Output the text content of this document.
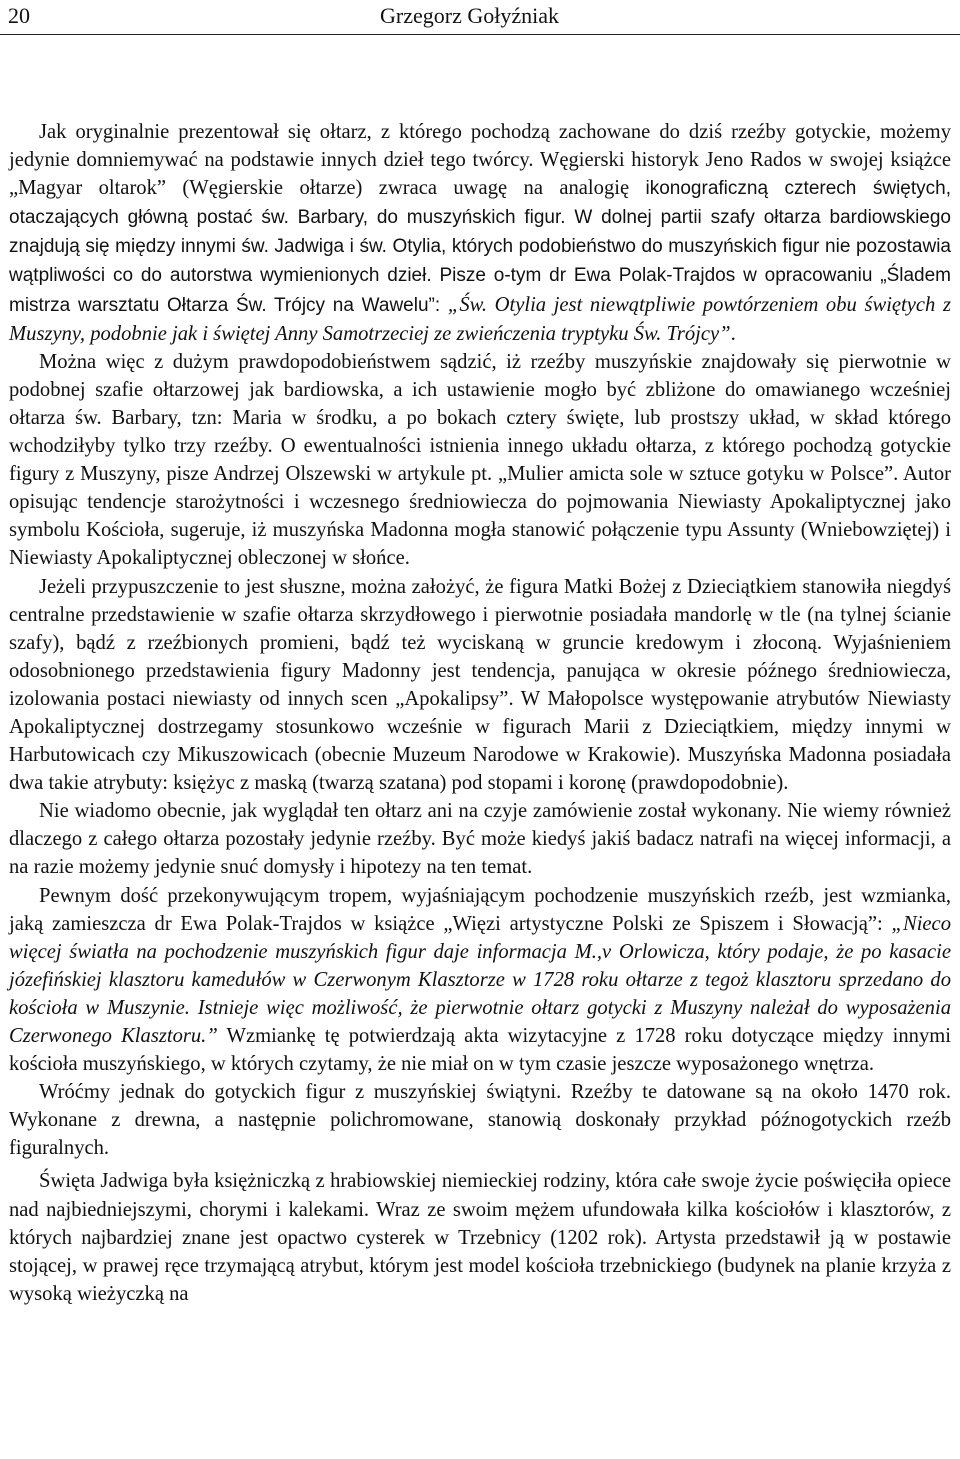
20	Grzegorz Gołyźniak

Jak oryginalnie prezentował się ołtarz, z którego pochodzą zachowane do dziś rzeźby gotyckie, możemy jedynie domniemywać na podstawie innych dzieł tego twórcy. Węgierski historyk Jeno Rados w swojej książce „Magyar oltarok” (Węgierskie ołtarze) zwraca uwagę na analogię ikonograficzną czterech świętych, otaczających główną postać św. Barbary, do muszyńskich figur. W dolnej partii szafy ołtarza bardiowskiego znajdują się między innymi św. Jadwiga i św. Otylia, których podobieństwo do muszyńskich figur nie pozostawia wątpliwości co do autorstwa wymienionych dzieł. Pisze o-tym dr Ewa Polak-Trajdos w opracowaniu „Śladem mistrza warsztatu Ołtarza Św. Trójcy na Wawelu”: „Św. Otylia jest niewątpliwie powtórzeniem obu świętych z Muszyny, podobnie jak i świętej Anny Samotrzeciej ze zwieńczenia tryptyku Św. Trójcy”.

Można więc z dużym prawdopodobieństwem sądzić, iż rzeźby muszyńskie znajdowały się pierwotnie w podobnej szafie ołtarzowej jak bardiowska, a ich ustawienie mogło być zbliżone do omawianego wcześniej ołtarza św. Barbary, tzn: Maria w środku, a po bokach cztery święte, lub prostszy układ, w skład którego wchodziłyby tylko trzy rzeźby. O ewentualności istnienia innego układu ołtarza, z którego pochodzą gotyckie figury z Muszyny, pisze Andrzej Olszewski w artykule pt. „Mulier amicta sole w sztuce gotyku w Polsce”. Autor opisując tendencje starożytności i wczesnego średniowiecza do pojmowania Niewiasty Apokaliptycznej jako symbolu Kościoła, sugeruje, iż muszyńska Madonna mogła stanowić połączenie typu Assunty (Wniebowziętej) i Niewiasty Apokaliptycznej obleczonej w słońce.

Jeżeli przypuszczenie to jest słuszne, można założyć, że figura Matki Bożej z Dzieciątkiem stanowiła niegdyś centralne przedstawienie w szafie ołtarza skrzydłowego i pierwotnie posiadała mandorlę w tle (na tylnej ścianie szafy), bądź z rzeźbionych promieni, bądź też wyciskaną w gruncie kredowym i złoconą. Wyjaśnieniem odosobnionego przedstawienia figury Madonny jest tendencja, panująca w okresie późnego średniowiecza, izolowania postaci niewiasty od innych scen „Apokalipsy”. W Małopolsce występowanie atrybutów Niewiasty Apokaliptycznej dostrzegamy stosunkowo wcześnie w figurach Marii z Dzieciątkiem, między innymi w Harbutowicach czy Mikuszowicach (obecnie Muzeum Narodowe w Krakowie). Muszyńska Madonna posiadała dwa takie atrybuty: księżyc z maską (twarzą szatana) pod stopami i koronę (prawdopodobnie).

Nie wiadomo obecnie, jak wyglądał ten ołtarz ani na czyje zamówienie został wykonany. Nie wiemy również dlaczego z całego ołtarza pozostały jedynie rzeźby. Być może kiedyś jakiś badacz natrafi na więcej informacji, a na razie możemy jedynie snuć domysły i hipotezy na ten temat.

Pewnym dość przekonywującym tropem, wyjaśniającym pochodzenie muszyńskich rzeźb, jest wzmianka, jaką zamieszcza dr Ewa Polak-Trajdos w książce „Więzi artystyczne Polski ze Spiszem i Słowacją”: „Nieco więcej światła na pochodzenie muszyńskich figur daje informacja M.,v Orlowicza, który podaje, że po kasacie józefińskiej klasztoru kamedułów w Czerwonym Klasztorze w 1728 roku ołtarze z tegoż klasztoru sprzedano do kościoła w Muszynie. Istnieje więc możliwość, że pierwotnie ołtarz gotycki z Muszyny należał do wyposażenia Czerwonego Klasztoru.” Wzmiankę tę potwierdzają akta wizytacyjne z 1728 roku dotyczące między innymi kościoła muszyńskiego, w których czytamy, że nie miał on w tym czasie jeszcze wyposażonego wnętrza.

Wróćmy jednak do gotyckich figur z muszyńskiej świątyni. Rzeźby te datowane są na około 1470 rok. Wykonane z drewna, a następnie polichromowane, stanowią doskonały przykład późnogotyckich rzeźb figuralnych.

Święta Jadwiga była księżniczką z hrabiowskiej niemieckiej rodziny, która całe swoje życie poświęciła opiece nad najbiedniejszymi, chorymi i kalekami. Wraz ze swoim mężem ufundowała kilka kościołów i klasztorów, z których najbardziej znane jest opactwo cysterek w Trzebnicy (1202 rok). Artysta przedstawił ją w postawie stojącej, w prawej ręce trzymającą atrybut, którym jest model kościoła trzebnickiego (budynek na planie krzyża z wysoką wieżyczką na
